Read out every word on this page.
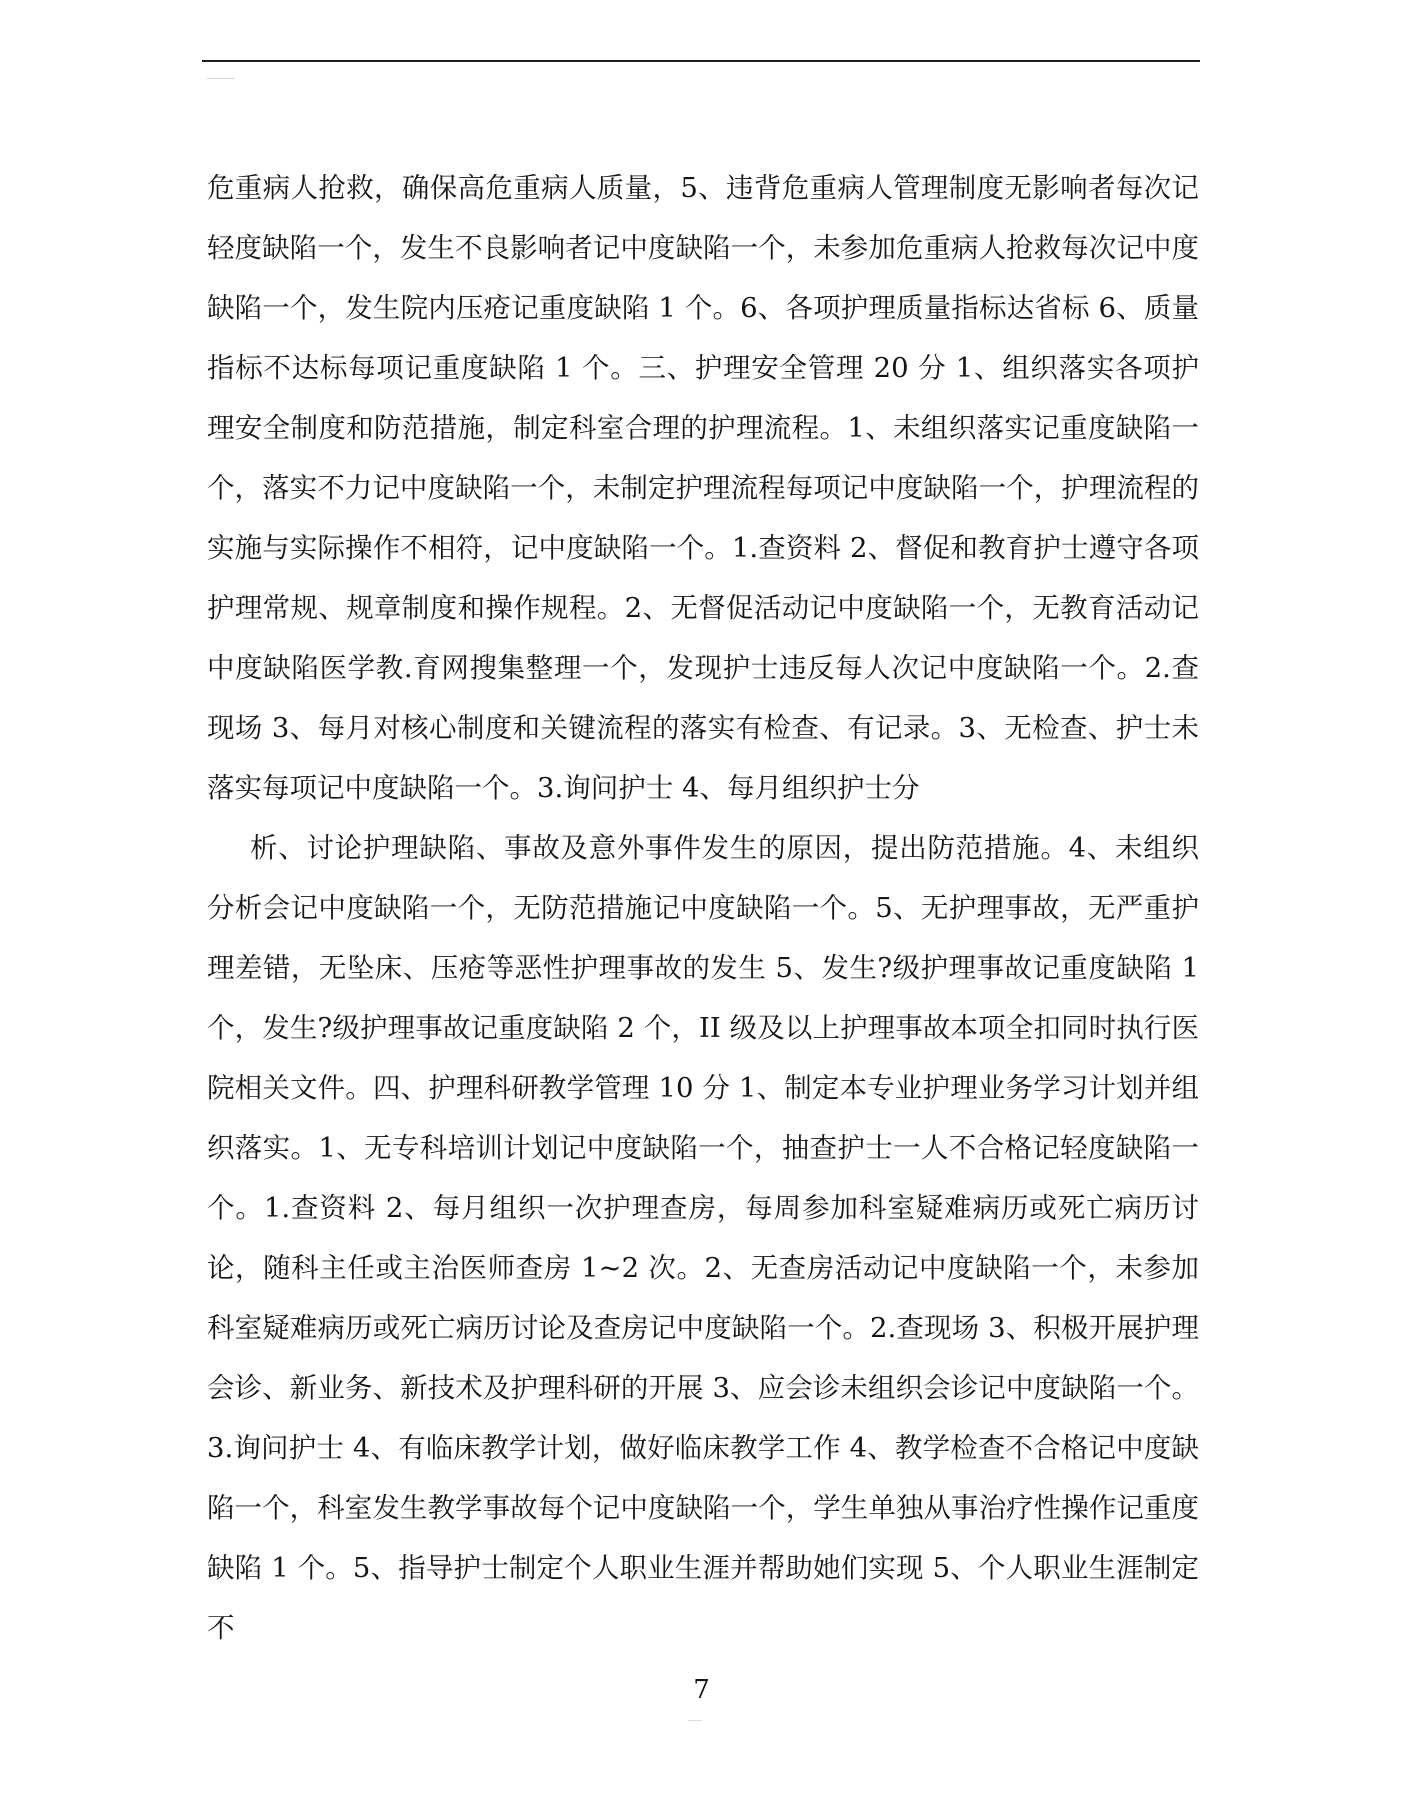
危重病人抢救，确保高危重病人质量，5、违背危重病人管理制度无影响者每次记轻度缺陷一个，发生不良影响者记中度缺陷一个，未参加危重病人抢救每次记中度缺陷一个，发生院内压疮记重度缺陷 1 个。6、各项护理质量指标达省标 6、质量指标不达标每项记重度缺陷 1 个。三、护理安全管理 20 分 1、组织落实各项护理安全制度和防范措施，制定科室合理的护理流程。1、未组织落实记重度缺陷一个，落实不力记中度缺陷一个，未制定护理流程每项记中度缺陷一个，护理流程的实施与实际操作不相符，记中度缺陷一个。1.查资料 2、督促和教育护士遵守各项护理常规、规章制度和操作规程。2、无督促活动记中度缺陷一个，无教育活动记中度缺陷医学教.育网搜集整理一个，发现护士违反每人次记中度缺陷一个。2.查现场 3、每月对核心制度和关键流程的落实有检查、有记录。3、无检查、护士未落实每项记中度缺陷一个。3.询问护士 4、每月组织护士分

析、讨论护理缺陷、事故及意外事件发生的原因，提出防范措施。4、未组织分析会记中度缺陷一个，无防范措施记中度缺陷一个。5、无护理事故，无严重护理差错，无坠床、压疮等恶性护理事故的发生 5、发生?级护理事故记重度缺陷 1 个，发生?级护理事故记重度缺陷 2 个，II 级及以上护理事故本项全扣同时执行医院相关文件。四、护理科研教学管理 10 分 1、制定本专业护理业务学习计划并组织落实。1、无专科培训计划记中度缺陷一个，抽查护士一人不合格记轻度缺陷一个。1.查资料 2、每月组织一次护理查房，每周参加科室疑难病历或死亡病历讨论，随科主任或主治医师查房 1~2 次。2、无查房活动记中度缺陷一个，未参加科室疑难病历或死亡病历讨论及查房记中度缺陷一个。2.查现场 3、积极开展护理会诊、新业务、新技术及护理科研的开展 3、应会诊未组织会诊记中度缺陷一个。3.询问护士 4、有临床教学计划，做好临床教学工作 4、教学检查不合格记中度缺陷一个，科室发生教学事故每个记中度缺陷一个，学生单独从事治疗性操作记重度缺陷 1 个。5、指导护士制定个人职业生涯并帮助她们实现 5、个人职业生涯制定不

7
